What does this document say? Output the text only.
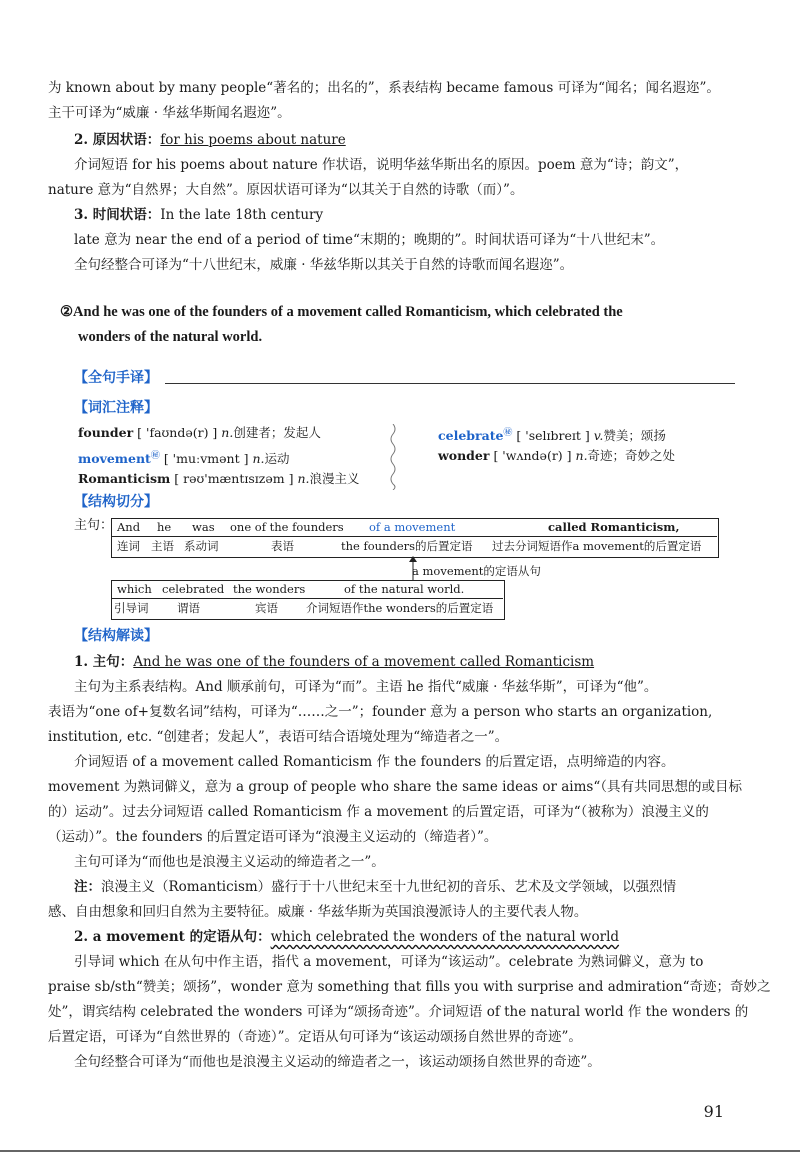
为 known about by many people“著名的；出名的”，系表结构 became famous 可译为“闻名；闻名遐迩”。
主干可译为“威廉 · 华兹华斯闻名遐迩”。
2. 原因状语：for his poems about nature
介词短语 for his poems about nature 作状语，说明华兹华斯出名的原因。poem 意为“诗；韵文”，
nature 意为“自然界；大自然”。原因状语可译为“以其关于自然的诗歌（而）”。
3. 时间状语：In the late 18th century
late 意为 near the end of a period of time“末期的；晚期的”。时间状语可译为“十八世纪末”。
全句经整合可译为“十八世纪末，威廉 · 华兹华斯以其关于自然的诗歌而闻名遐迩”。
②And he was one of the founders of a movement called Romanticism, which celebrated the
wonders of the natural world.
【全句手译】
【词汇注释】
founder [ 'faʊndə(r) ] n.创建者；发起人
movement㊙ [ 'muːvmənt ] n.运动
Romanticism [ rəʊ'mæntɪsɪzəm ] n.浪漫主义
celebrate㊙ [ 'selɪbreɪt ] v.赞美；颂扬
wonder [ 'wʌndə(r) ] n.奇迹；奇妙之处
【结构切分】
主句： And he was one of the founders of a movement	called Romanticism,
连词 主语 系动词	表语	the founders的后置定语 过去分词短语作a movement的后置定语
a movement的定语从句
which celebrated the wonders	of the natural world.
引导词 谓语	宾语 介词短语作the wonders的后置定语
【结构解读】
1. 主句：And he was one of the founders of a movement called Romanticism
主句为主系表结构。And 顺承前句，可译为“而”。主语 he 指代“威廉 · 华兹华斯”，可译为“他”。
表语为“one of+复数名词”结构，可译为“……之一”；founder 意为 a person who starts an organization,
institution, etc. “创建者；发起人”，表语可结合语境处理为“缔造者之一”。
介词短语 of a movement called Romanticism 作 the founders 的后置定语，点明缔造的内容。
movement 为熟词僻义，意为 a group of people who share the same ideas or aims“（具有共同思想的或目标
的）运动”。过去分词短语 called Romanticism 作 a movement 的后置定语，可译为“（被称为）浪漫主义的
（运动）”。the founders 的后置定语可译为“浪漫主义运动的（缔造者）”。
主句可译为“而他也是浪漫主义运动的缔造者之一”。
注：浪漫主义（Romanticism）盛行于十八世纪末至十九世纪初的音乐、艺术及文学领域，以强烈情
感、自由想象和回归自然为主要特征。威廉 · 华兹华斯为英国浪漫派诗人的主要代表人物。
2. a movement 的定语从句：which celebrated the wonders of the natural world
引导词 which 在从句中作主语，指代 a movement，可译为“该运动”。celebrate 为熟词僻义，意为 to
praise sb/sth“赞美；颂扬”，wonder 意为 something that fills you with surprise and admiration“奇迹；奇妙之
处”，谓宾结构 celebrated the wonders 可译为“颂扬奇迹”。介词短语 of the natural world 作 the wonders 的
后置定语，可译为“自然世界的（奇迹）”。定语从句可译为“该运动颂扬自然世界的奇迹”。
全句经整合可译为“而他也是浪漫主义运动的缔造者之一，该运动颂扬自然世界的奇迹”。
91
